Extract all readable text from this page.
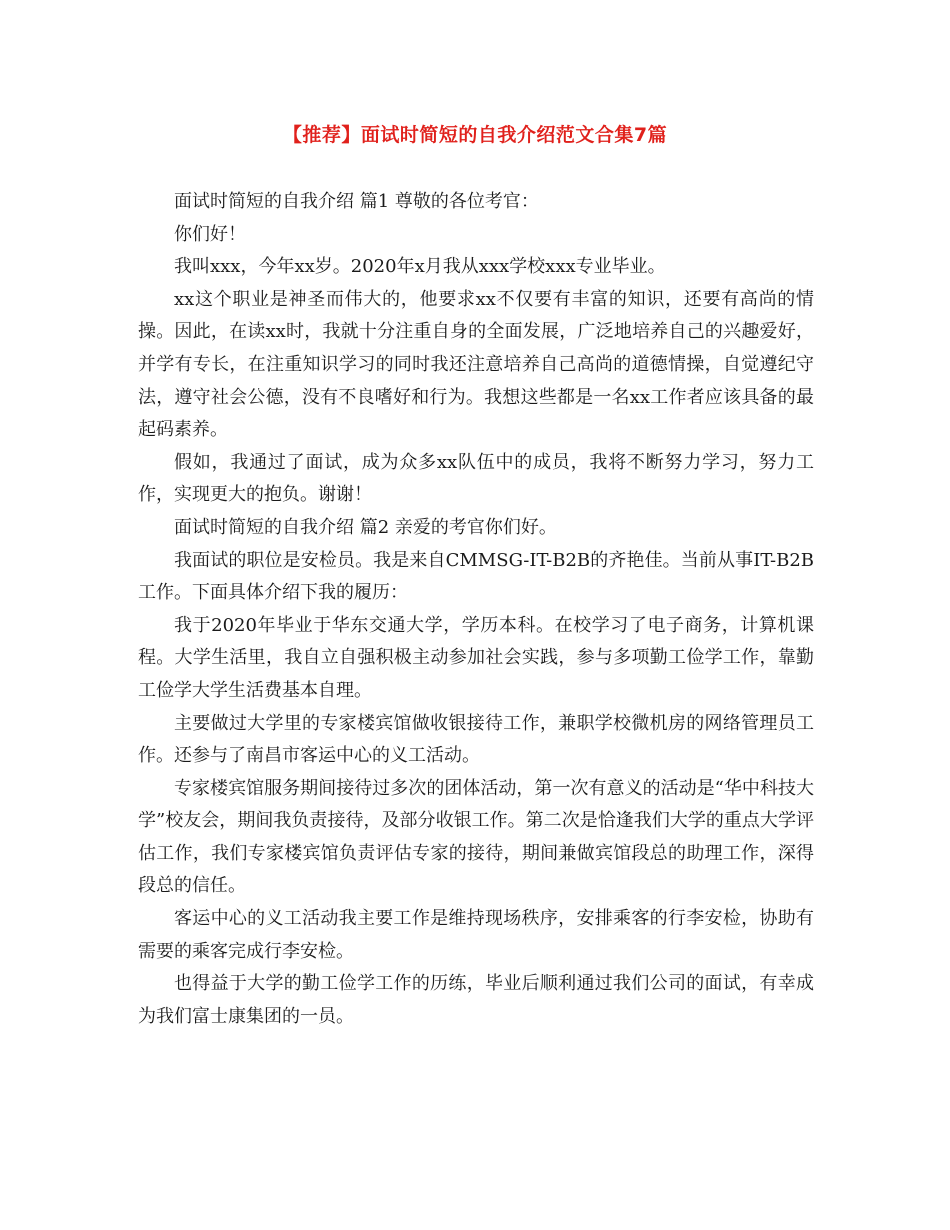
【推荐】面试时简短的自我介绍范文合集7篇

面试时简短的自我介绍 篇1 尊敬的各位考官：

你们好！

我叫xxx，今年xx岁。2020年x月我从xxx学校xxx专业毕业。

xx这个职业是神圣而伟大的，他要求xx不仅要有丰富的知识，还要有高尚的情操。因此，在读xx时，我就十分注重自身的全面发展，广泛地培养自己的兴趣爱好，并学有专长，在注重知识学习的同时我还注意培养自己高尚的道德情操，自觉遵纪守法，遵守社会公德，没有不良嗜好和行为。我想这些都是一名xx工作者应该具备的最起码素养。

假如，我通过了面试，成为众多xx队伍中的成员，我将不断努力学习，努力工作，实现更大的抱负。谢谢！

面试时简短的自我介绍 篇2 亲爱的考官你们好。

我面试的职位是安检员。我是来自CMMSG-IT-B2B的齐艳佳。当前从事IT-B2B工作。下面具体介绍下我的履历：

我于2020年毕业于华东交通大学，学历本科。在校学习了电子商务，计算机课程。大学生活里，我自立自强积极主动参加社会实践，参与多项勤工俭学工作，靠勤工俭学大学生活费基本自理。

主要做过大学里的专家楼宾馆做收银接待工作，兼职学校微机房的网络管理员工作。还参与了南昌市客运中心的义工活动。

专家楼宾馆服务期间接待过多次的团体活动，第一次有意义的活动是“华中科技大学”校友会，期间我负责接待，及部分收银工作。第二次是恰逢我们大学的重点大学评估工作，我们专家楼宾馆负责评估专家的接待，期间兼做宾馆段总的助理工作，深得段总的信任。

客运中心的义工活动我主要工作是维持现场秩序，安排乘客的行李安检，协助有需要的乘客完成行李安检。

也得益于大学的勤工俭学工作的历练，毕业后顺利通过我们公司的面试，有幸成为我们富士康集团的一员。
